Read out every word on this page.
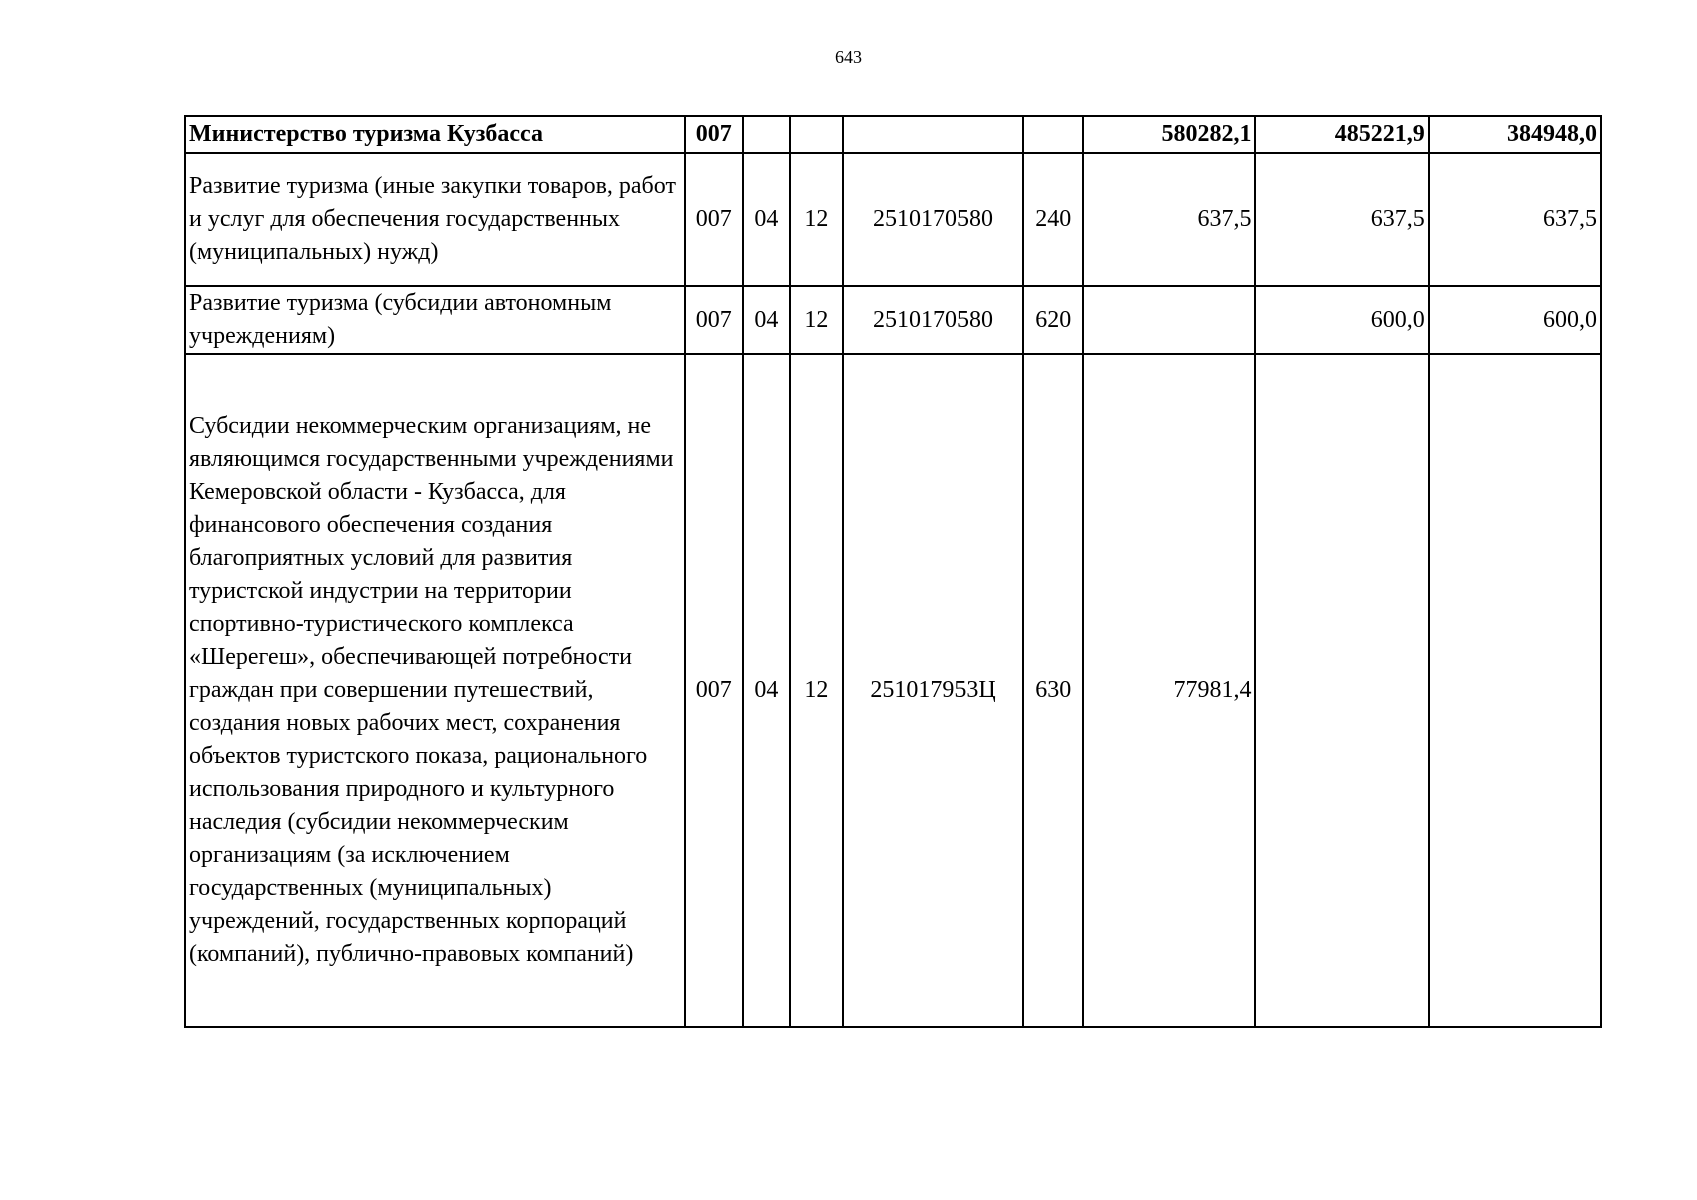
643
Министерство туризма Кузбасса	007					580282,1	485221,9	384948,0
Развитие туризма (иные закупки товаров, работ и услуг для обеспечения государственных (муниципальных) нужд)	007	04	12	2510170580	240	637,5	637,5	637,5
Развитие туризма (субсидии автономным учреждениям)	007	04	12	2510170580	620		600,0	600,0
Субсидии некоммерческим организациям, не являющимся государственными учреждениями Кемеровской области - Кузбасса, для финансового обеспечения создания благоприятных условий для развития туристской индустрии на территории спортивно-туристического комплекса «Шерегеш», обеспечивающей потребности граждан при совершении путешествий, создания новых рабочих мест, сохранения объектов туристского показа, рационального использования природного и культурного наследия (субсидии некоммерческим организациям (за исключением государственных (муниципальных) учреждений, государственных корпораций (компаний), публично-правовых компаний)	007	04	12	251017953Ц	630	77981,4		
